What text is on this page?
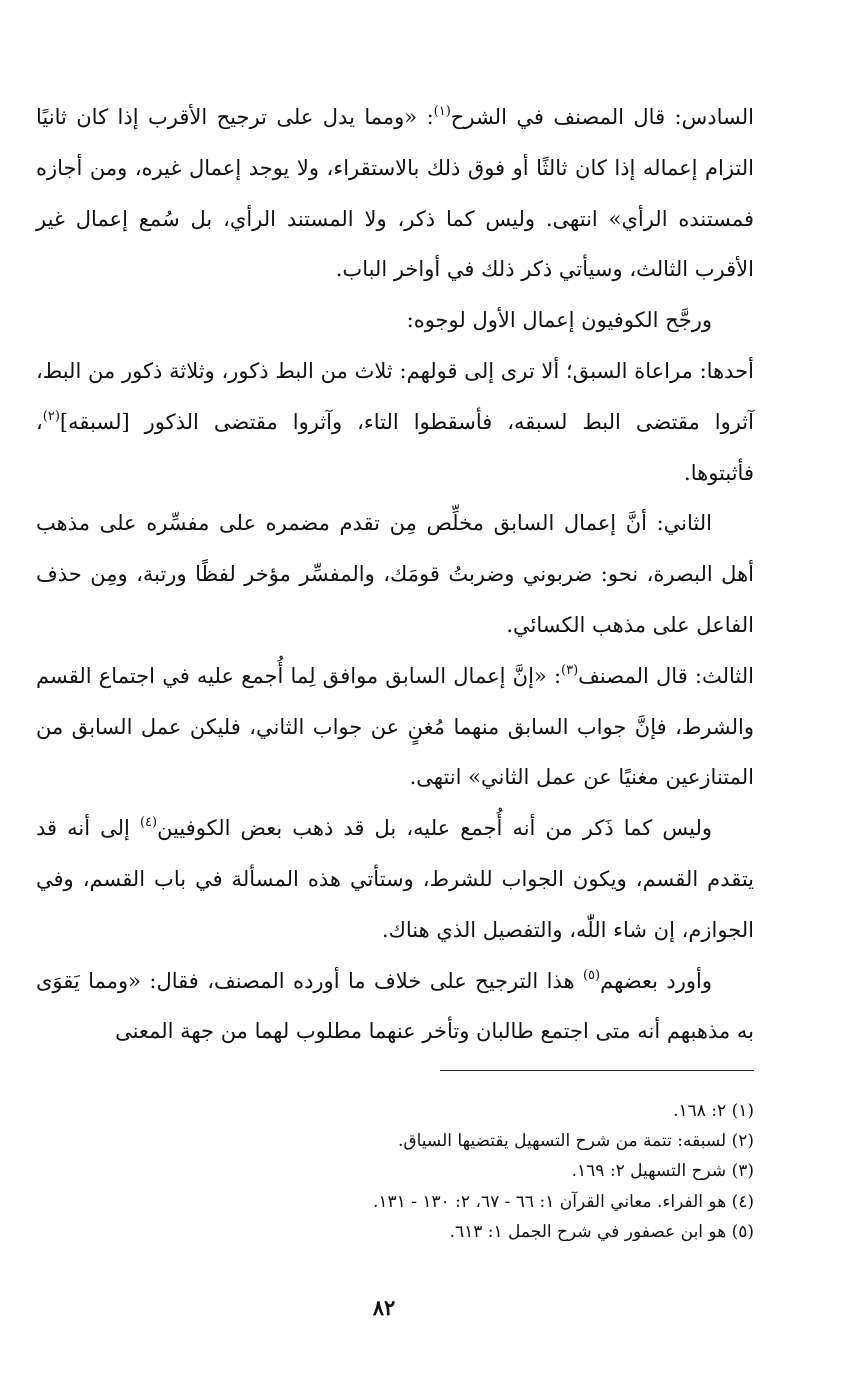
السادس: قال المصنف في الشرح$^{(١)}$: «ومما يدل على ترجيح الأقرب إذا كان ثانيًا التزام إعماله إذا كان ثالثًا أو فوق ذلك بالاستقراء، ولا يوجد إعمال غيره، ومن أجازه فمستنده الرأي» انتهى. وليس كما ذكر، ولا المستند الرأي، بل سُمع إعمال غير الأقرب الثالث، وسيأتي ذكر ذلك في أواخر الباب.

ورجَّح الكوفيون إعمال الأول لوجوه:

أحدها: مراعاة السبق؛ ألا ترى إلى قولهم: ثلاث من البط ذكور، وثلاثة ذكور من البط، آثروا مقتضى البط لسبقه، فأسقطوا التاء، وآثروا مقتضى الذكور [لسبقه]$^{(٢)}$، فأثبتوها.

الثاني: أنَّ إعمال السابق مخلِّص مِن تقدم مضمره على مفسِّره على مذهب أهل البصرة، نحو: ضربوني وضربتُ قومَك، والمفسِّر مؤخر لفظًا ورتبة، ومِن حذف الفاعل على مذهب الكسائي.

الثالث: قال المصنف$^{(٣)}$: «إنَّ إعمال السابق موافق لِما أُجمع عليه في اجتماع القسم والشرط، فإنَّ جواب السابق منهما مُغنٍ عن جواب الثاني، فليكن عمل السابق من المتنازعين مغنيًا عن عمل الثاني» انتهى.

وليس كما ذَكر من أنه أُجمع عليه، بل قد ذهب بعض الكوفيين$^{(٤)}$ إلى أنه قد يتقدم القسم، ويكون الجواب للشرط، وستأتي هذه المسألة في باب القسم، وفي الجوازم، إن شاء اللّٰه، والتفصيل الذي هناك.

وأورد بعضهم$^{(٥)}$ هذا الترجيح على خلاف ما أورده المصنف، فقال: «ومما يَقوَى به مذهبهم أنه متى اجتمع طالبان وتأخر عنهما مطلوب لهما من جهة المعنى

(١) ٢: ١٦٨.
(٢) لسبقه: تتمة من شرح التسهيل يقتضيها السياق.
(٣) شرح التسهيل ٢: ١٦٩.
(٤) هو الفراء. معاني القرآن ١: ٦٦ - ٦٧، ٢: ١٣٠ - ١٣١.
(٥) هو ابن عصفور في شرح الجمل ١: ٦١٣.
٨٢
